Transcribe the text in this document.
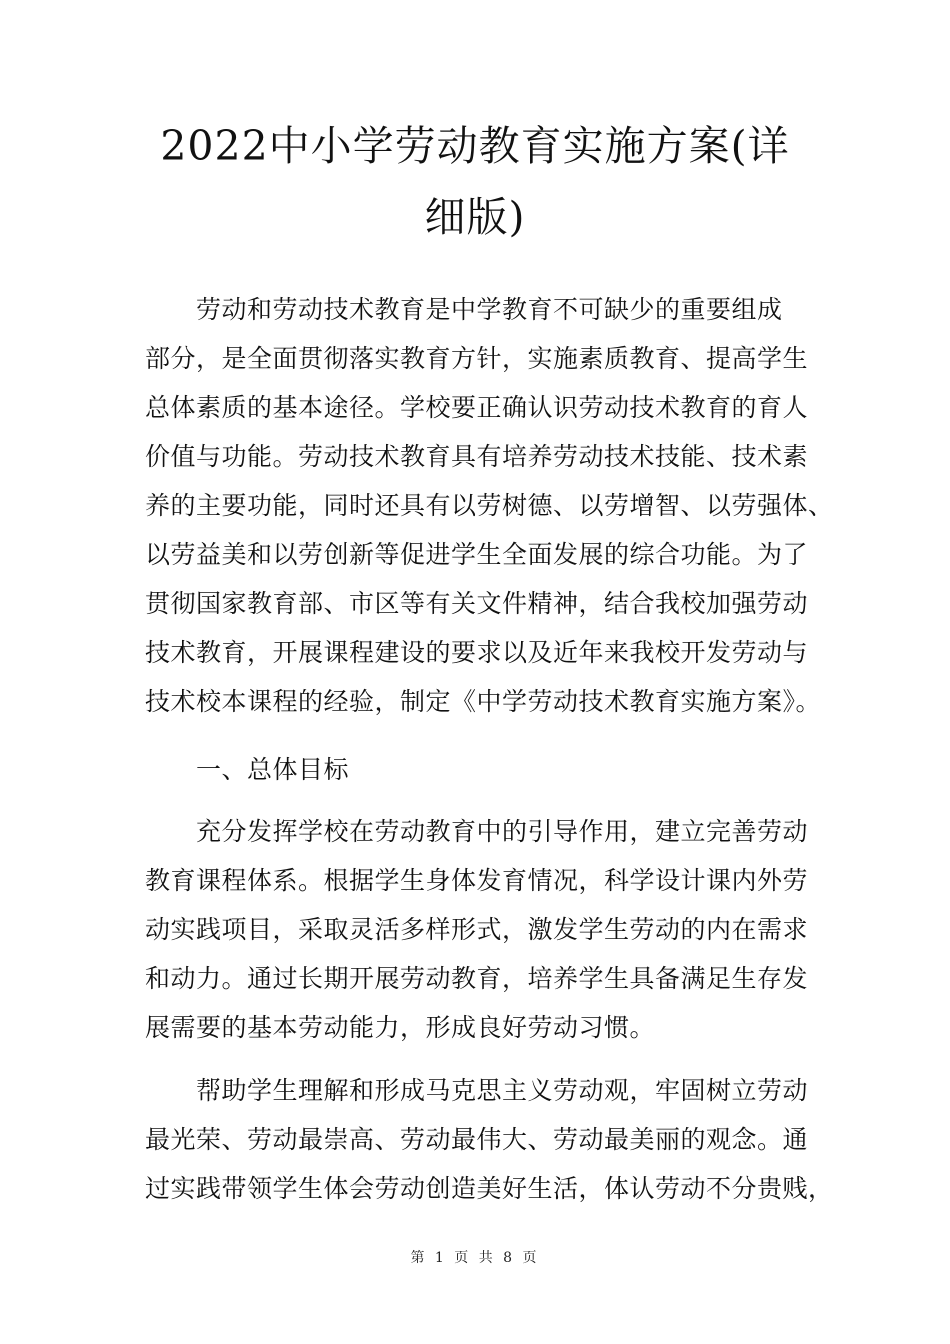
2022中小学劳动教育实施方案(详
细版)
劳动和劳动技术教育是中学教育不可缺少的重要组成
部分，是全面贯彻落实教育方针，实施素质教育、提高学生
总体素质的基本途径。学校要正确认识劳动技术教育的育人
价值与功能。劳动技术教育具有培养劳动技术技能、技术素
养的主要功能，同时还具有以劳树德、以劳增智、以劳强体、
以劳益美和以劳创新等促进学生全面发展的综合功能。为了
贯彻国家教育部、市区等有关文件精神，结合我校加强劳动
技术教育，开展课程建设的要求以及近年来我校开发劳动与
技术校本课程的经验，制定《中学劳动技术教育实施方案》。
一、总体目标
充分发挥学校在劳动教育中的引导作用，建立完善劳动
教育课程体系。根据学生身体发育情况，科学设计课内外劳
动实践项目，采取灵活多样形式，激发学生劳动的内在需求
和动力。通过长期开展劳动教育，培养学生具备满足生存发
展需要的基本劳动能力，形成良好劳动习惯。
帮助学生理解和形成马克思主义劳动观，牢固树立劳动
最光荣、劳动最崇高、劳动最伟大、劳动最美丽的观念。通
过实践带领学生体会劳动创造美好生活，体认劳动不分贵贱，
第 1 页 共 8 页
